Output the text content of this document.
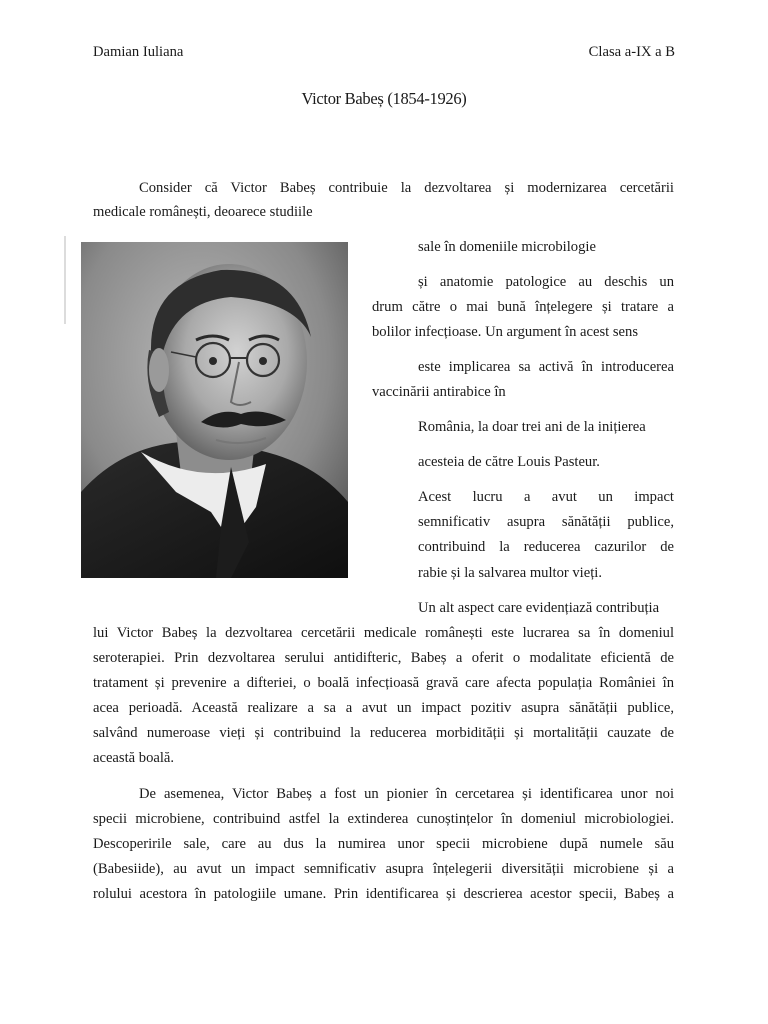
Damian Iuliana	Clasa a-IX a B
Victor Babeș (1854-1926)
Consider că Victor Babeș contribuie la dezvoltarea și modernizarea cercetării
medicale românești, deoarece studiile
sale în domeniile microbilogie
și anatomie patologice au deschis un
drum către o mai bună înțelegere și tratare a
bolilor infecțioase. Un argument în acest sens
este implicarea sa activă în introducerea
vaccinării antirabice în
România, la doar trei ani de la inițierea
acesteia de către Louis Pasteur.
Acest lucru a avut un impact
semnificativ asupra sănătății publice,
contribuind la reducerea cazurilor de
rabie și la salvarea multor vieți.
Un alt aspect care evidențiază contribuția
lui Victor Babeș la dezvoltarea cercetării medicale românești este lucrarea sa în domeniul
seroterapiei. Prin dezvoltarea serului antidifteric, Babeș a oferit o modalitate eficientă de
tratament și prevenire a difteriei, o boală infecțioasă gravă care afecta populația României în
acea perioadă. Această realizare a sa a avut un impact pozitiv asupra sănătății publice,
salvând numeroase vieți și contribuind la reducerea morbidității și mortalității cauzate de
această boală.
De asemenea, Victor Babeș a fost un pionier în cercetarea și identificarea unor noi
specii microbiene, contribuind astfel la extinderea cunoștințelor în domeniul microbiologiei.
Descoperirile sale, care au dus la numirea unor specii microbiene după numele său
(Babesiide), au avut un impact semnificativ asupra înțelegerii diversității microbiene și a
rolului acestora în patologiile umane. Prin identificarea și descrierea acestor specii, Babeș a
